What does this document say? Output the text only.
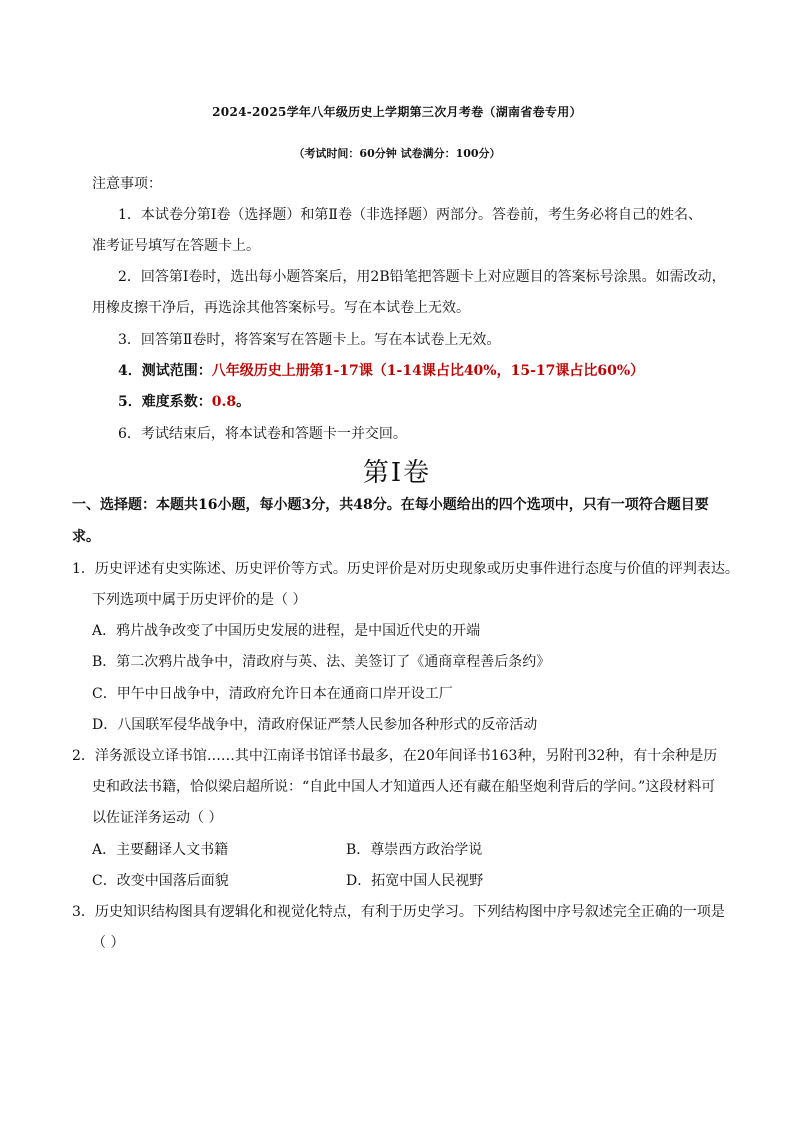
2024-2025学年八年级历史上学期第三次月考卷（湖南省卷专用）
（考试时间：60分钟 试卷满分：100分）
注意事项：
1．本试卷分第Ⅰ卷（选择题）和第Ⅱ卷（非选择题）两部分。答卷前，考生务必将自己的姓名、
准考证号填写在答题卡上。
2．回答第Ⅰ卷时，选出每小题答案后，用2B铅笔把答题卡上对应题目的答案标号涂黑。如需改动，
用橡皮擦干净后，再选涂其他答案标号。写在本试卷上无效。
3．回答第Ⅱ卷时，将答案写在答题卡上。写在本试卷上无效。
4．测试范围：八年级历史上册第1-17课（1-14课占比40%，15-17课占比60%）
5．难度系数：0.8。
6．考试结束后，将本试卷和答题卡一并交回。
第Ⅰ卷
一、选择题：本题共16小题，每小题3分，共48分。在每小题给出的四个选项中，只有一项符合题目要
求。
1．历史评述有史实陈述、历史评价等方式。历史评价是对历史现象或历史事件进行态度与价值的评判表达。
下列选项中属于历史评价的是（ ）
A．鸦片战争改变了中国历史发展的进程，是中国近代史的开端
B．第二次鸦片战争中，清政府与英、法、美签订了《通商章程善后条约》
C．甲午中日战争中，清政府允许日本在通商口岸开设工厂
D．八国联军侵华战争中，清政府保证严禁人民参加各种形式的反帝活动
2．洋务派设立译书馆……其中江南译书馆译书最多，在20年间译书163种，另附刊32种，有十余种是历
史和政法书籍，恰似梁启超所说：“自此中国人才知道西人还有藏在船坚炮利背后的学问。”这段材料可
以佐证洋务运动（ ）
A．主要翻译人文书籍	B．尊崇西方政治学说
C．改变中国落后面貌	D．拓宽中国人民视野
3．历史知识结构图具有逻辑化和视觉化特点，有利于历史学习。下列结构图中序号叙述完全正确的一项是
（ ）
